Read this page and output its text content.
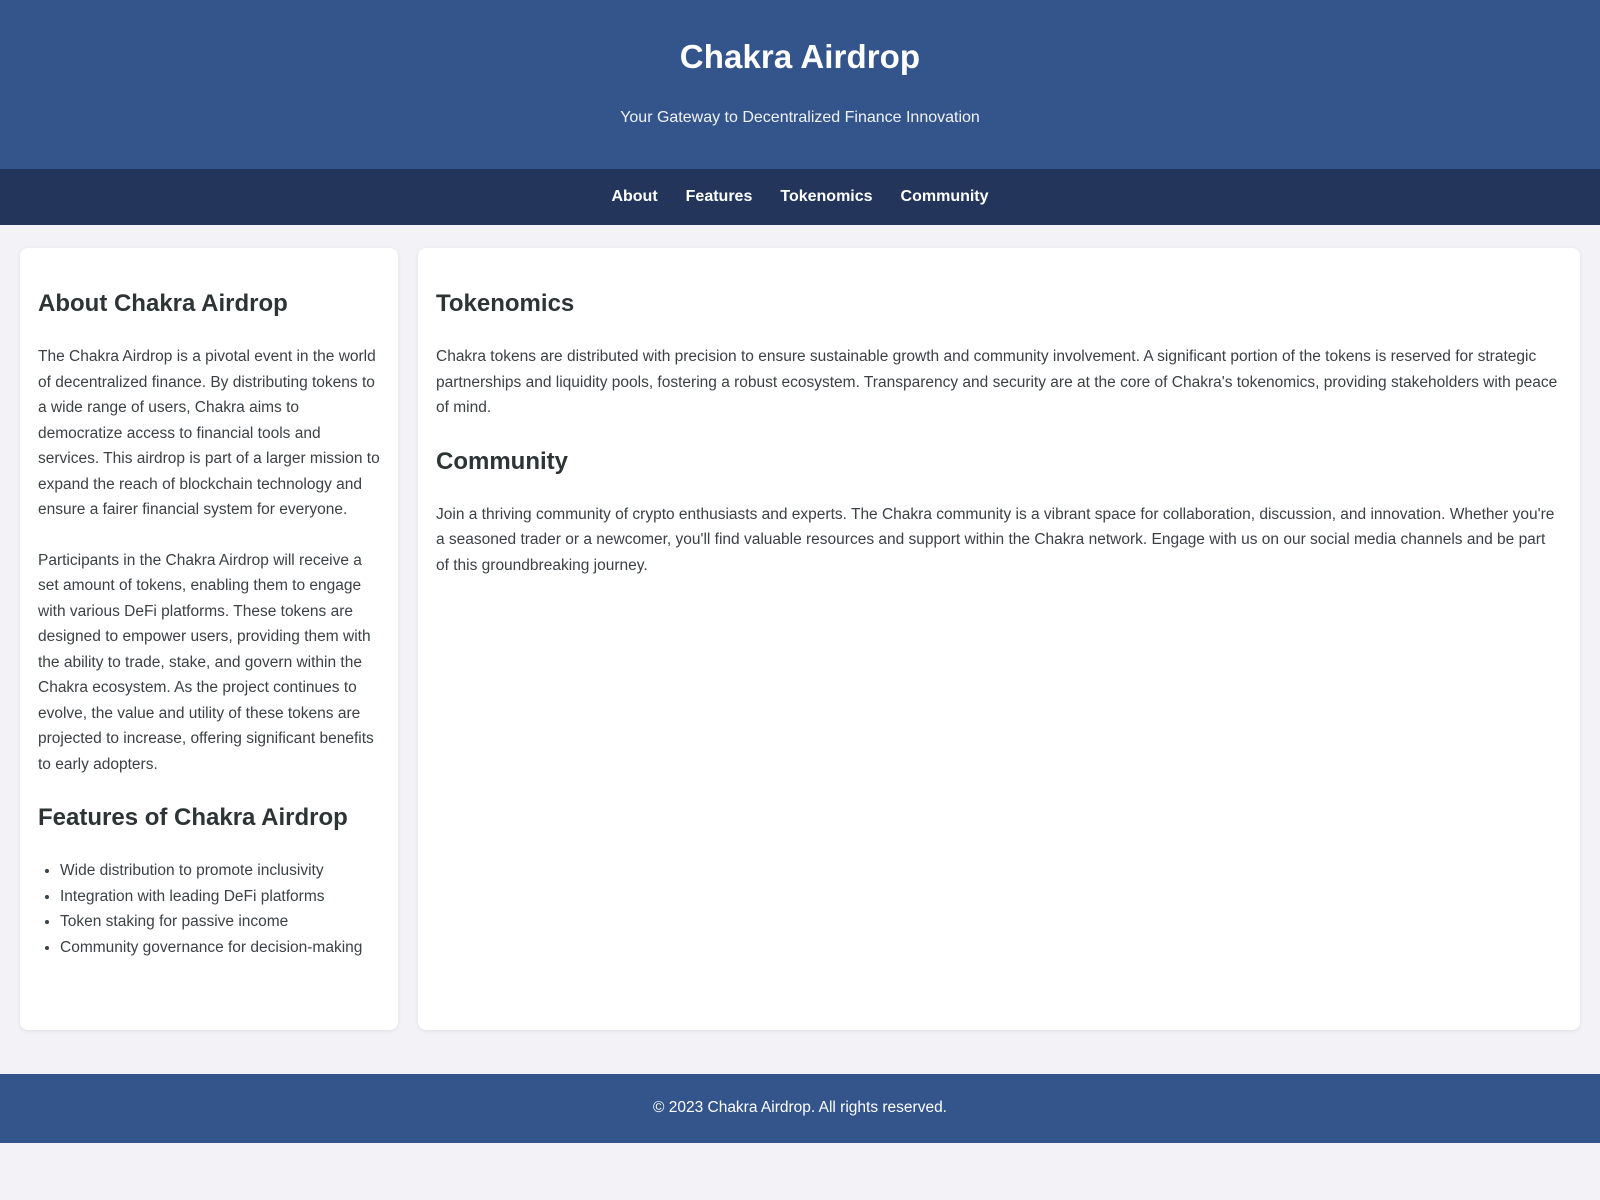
Chakra Airdrop

Your Gateway to Decentralized Finance Innovation

About	Features	Tokenomics	Community
About Chakra Airdrop

The Chakra Airdrop is a pivotal event in the world of decentralized finance. By distributing tokens to a wide range of users, Chakra aims to democratize access to financial tools and services. This airdrop is part of a larger mission to expand the reach of blockchain technology and ensure a fairer financial system for everyone.

Participants in the Chakra Airdrop will receive a set amount of tokens, enabling them to engage with various DeFi platforms. These tokens are designed to empower users, providing them with the ability to trade, stake, and govern within the Chakra ecosystem. As the project continues to evolve, the value and utility of these tokens are projected to increase, offering significant benefits to early adopters.

Features of Chakra Airdrop
• Wide distribution to promote inclusivity
• Integration with leading DeFi platforms
• Token staking for passive income
• Community governance for decision-making
Tokenomics

Chakra tokens are distributed with precision to ensure sustainable growth and community involvement. A significant portion of the tokens is reserved for strategic partnerships and liquidity pools, fostering a robust ecosystem. Transparency and security are at the core of Chakra's tokenomics, providing stakeholders with peace of mind.

Community

Join a thriving community of crypto enthusiasts and experts. The Chakra community is a vibrant space for collaboration, discussion, and innovation. Whether you're a seasoned trader or a newcomer, you'll find valuable resources and support within the Chakra network. Engage with us on our social media channels and be part of this groundbreaking journey.

© 2023 Chakra Airdrop. All rights reserved.
